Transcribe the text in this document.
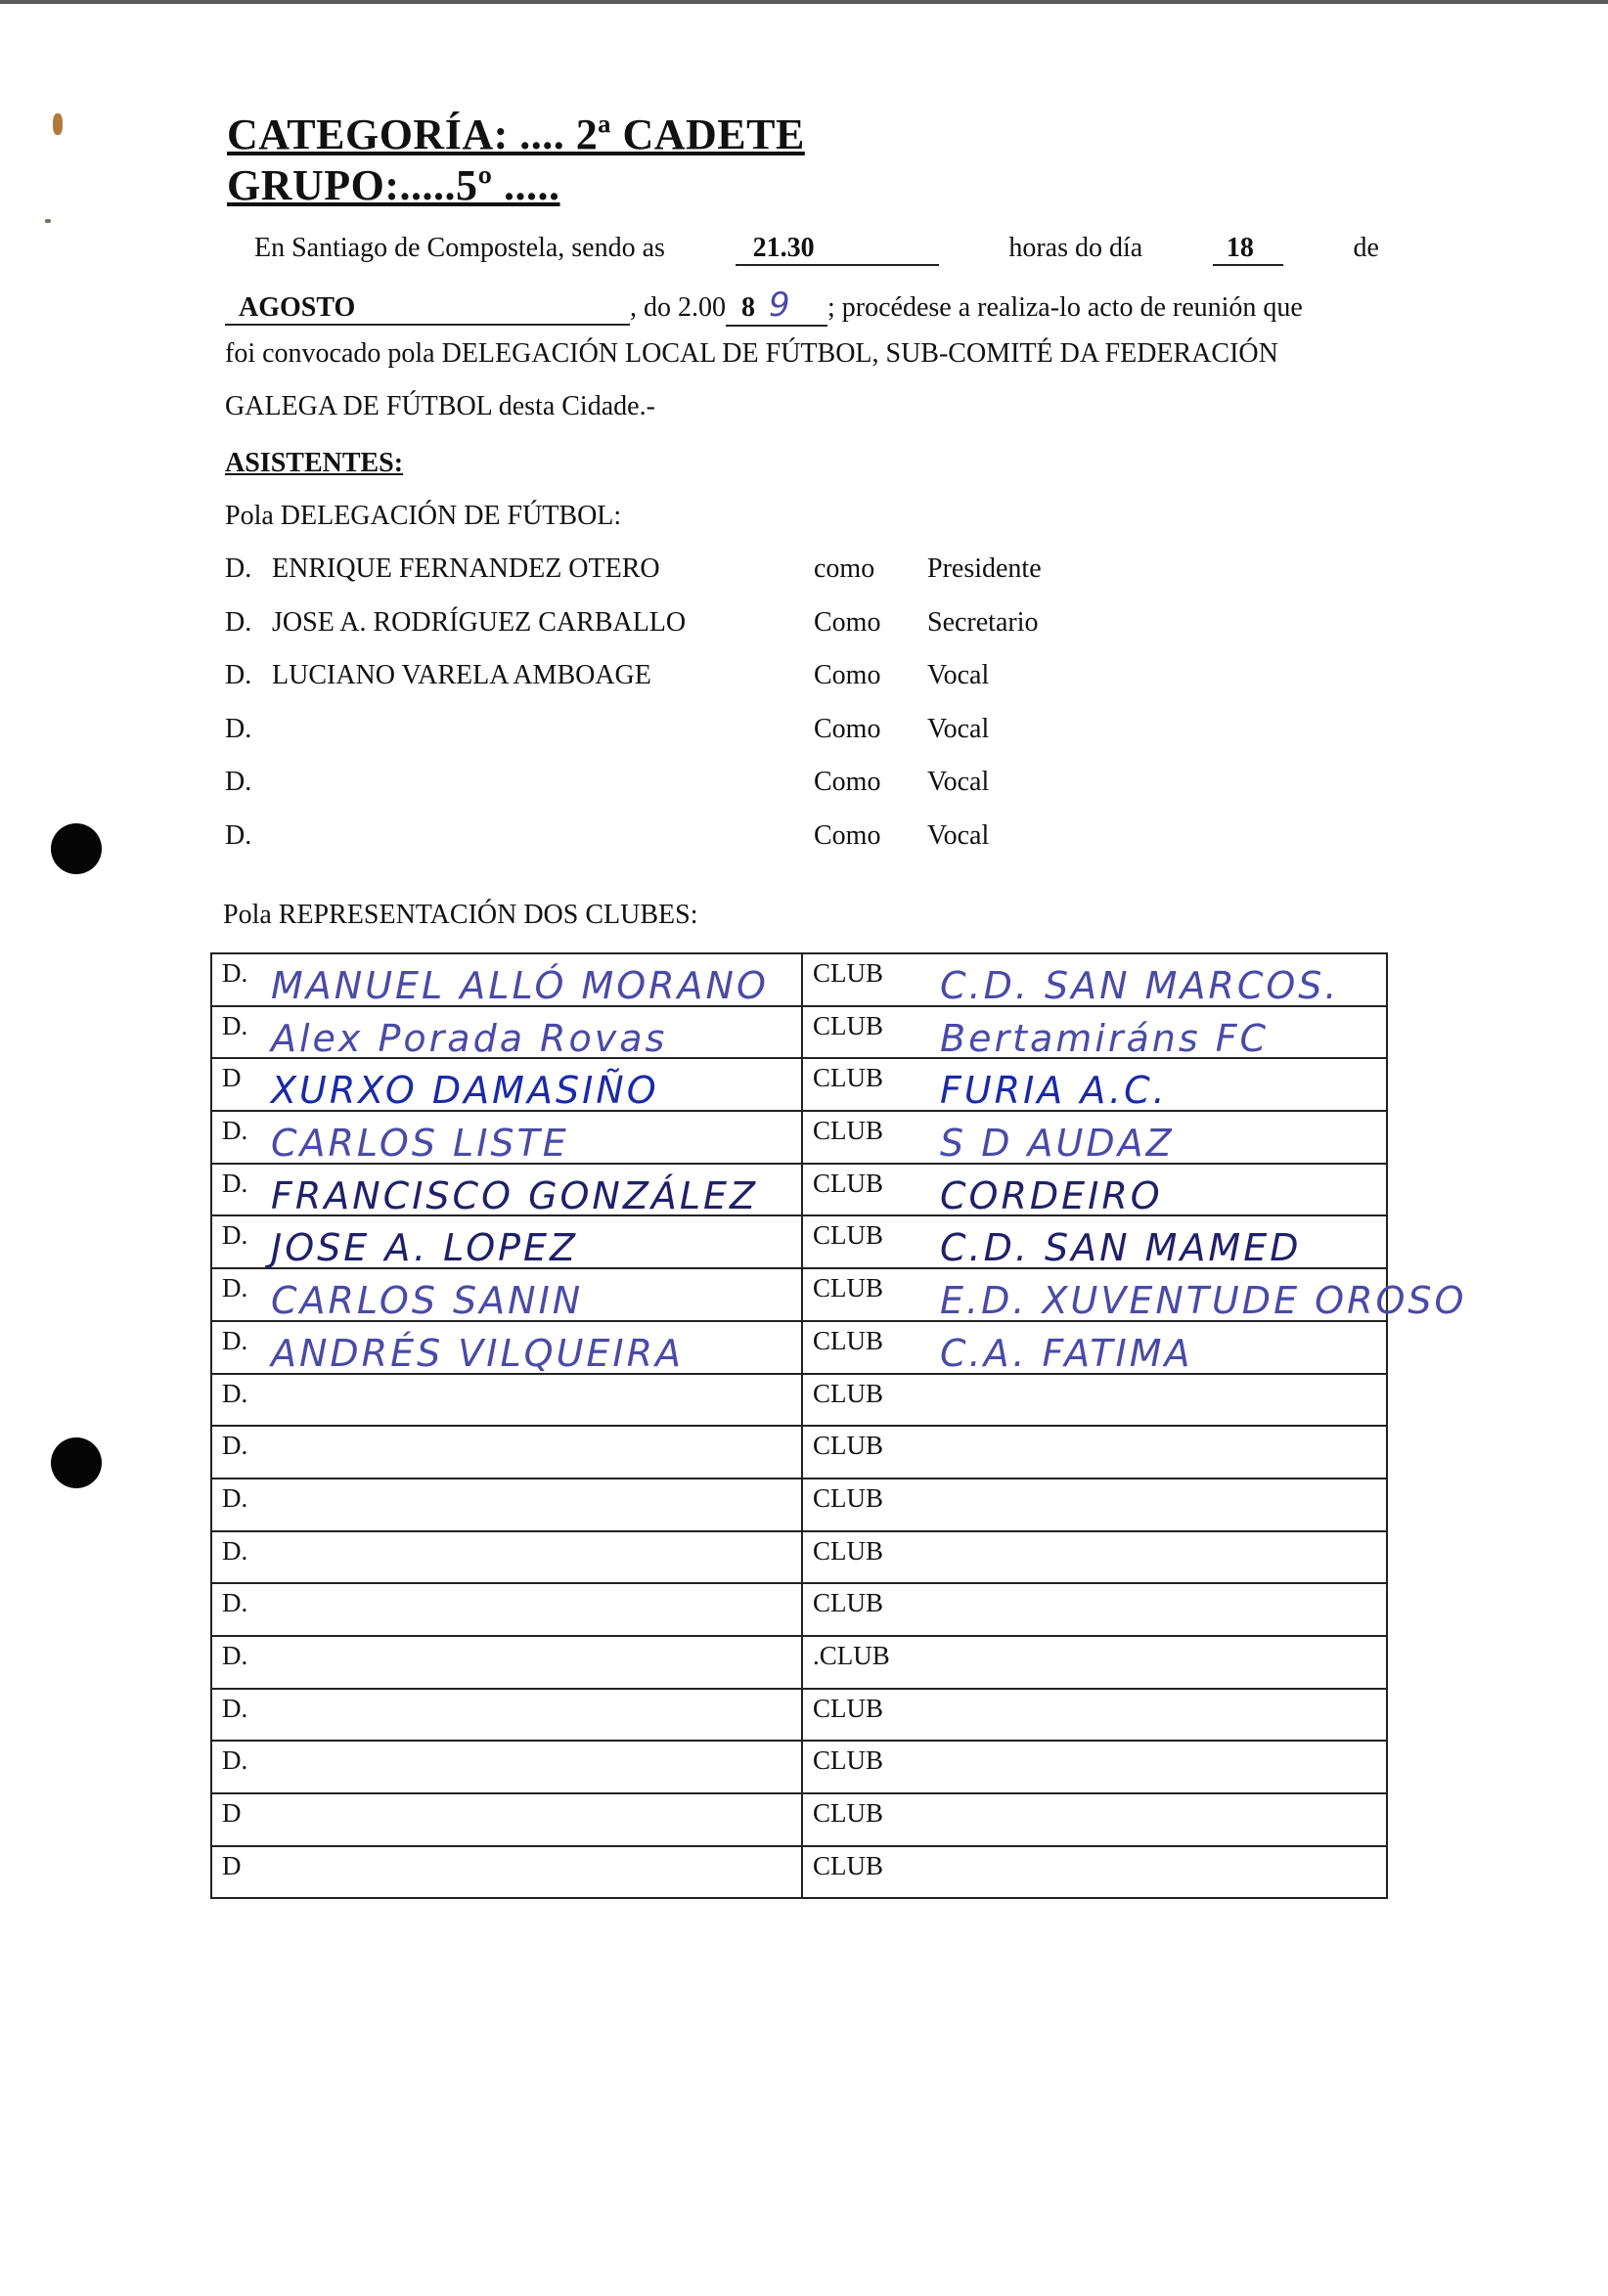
CATEGORÍA: .... 2ª CADETE
GRUPO:.....5º .....
En Santiago de Compostela, sendo as	21.30	horas do día	18	de
AGOSTO	, do 2.00 8 9 ; procédese a realiza-lo acto de reunión que
foi convocado pola DELEGACIÓN LOCAL DE FÚTBOL, SUB-COMITÉ DA FEDERACIÓN
GALEGA DE FÚTBOL desta Cidade.-
ASISTENTES:
Pola DELEGACIÓN DE FÚTBOL:
D. ENRIQUE FERNANDEZ OTERO	como Presidente
D. JOSE A. RODRÍGUEZ CARBALLO	Como Secretario
D. LUCIANO VARELA AMBOAGE	Como Vocal
D.	Como Vocal
D.	Como Vocal
D.	Como Vocal
Pola REPRESENTACIÓN DOS CLUBES:
D. MANUEL ALLÓ MORANO	CLUB C.D. SAN MARCOS.

D. Alex Porada Rovas	CLUB Bertamiráns FC

D XURXO DAMASIÑO	CLUB FURIA A.C.

D. CARLOS LISTE	CLUB S D AUDAZ

D. FRANCISCO GONZÁLEZ	CLUB CORDEIRO

D. JOSE A. LOPEZ	CLUB C.D. SAN MAMED

D. CARLOS SANIN	CLUB E.D. XUVENTUDE OROSO

D. ANDRÉS VILQUEIRA	CLUB C.A. FATIMA

D.	CLUB

D.	CLUB

D.	CLUB

D.	CLUB

D.	CLUB

D.	.CLUB

D.	CLUB

D.	CLUB

D	CLUB

D	CLUB
